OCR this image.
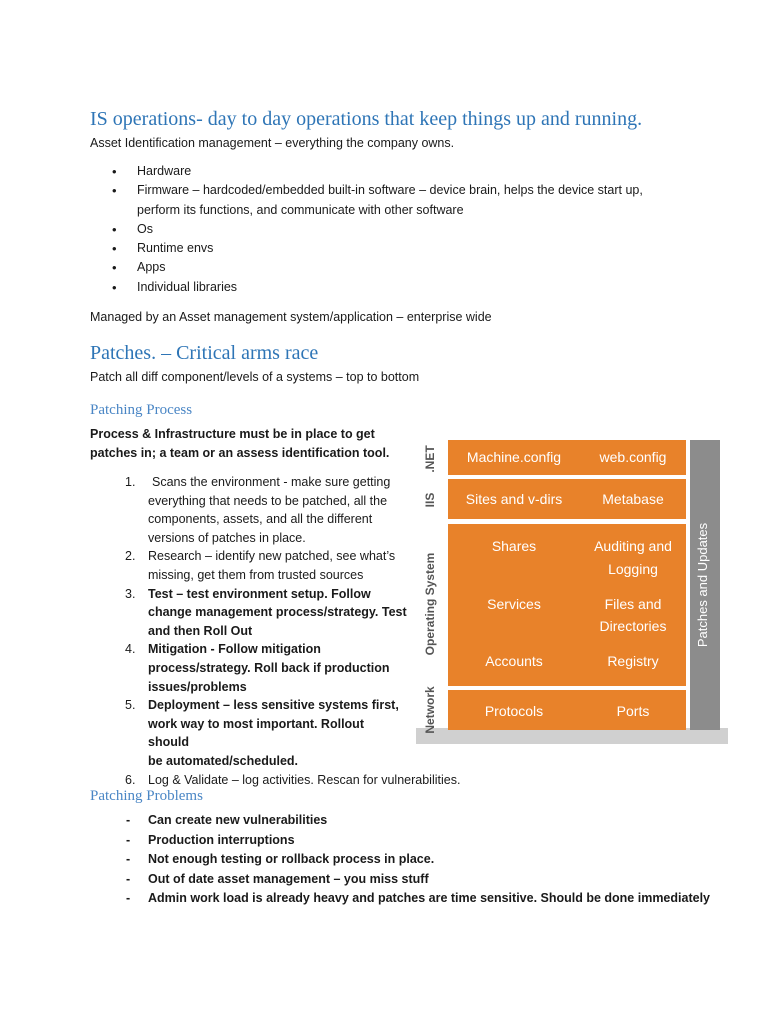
IS operations- day to day operations that keep things up and running.
Asset Identification management – everything the company owns.
• Hardware
• Firmware – hardcoded/embedded built-in software – device brain, helps the device start up,
perform its functions, and communicate with other software
• Os
• Runtime envs
• Apps
• Individual libraries
Managed by an Asset management system/application – enterprise wide
Patches. – Critical arms race
Patch all diff component/levels of a systems – top to bottom
Patching Process
Process & Infrastructure must be in place to get
patches in; a team or an assess identification tool.
1. Scans the environment - make sure getting
everything that needs to be patched, all the
components, assets, and all the different
versions of patches in place.
2. Research – identify new patched, see what’s
missing, get them from trusted sources
3. Test – test environment setup. Follow
change management process/strategy. Test
and then Roll Out
4. Mitigation - Follow mitigation
process/strategy. Roll back if production
issues/problems
5. Deployment – less sensitive systems first,
work way to most important. Rollout should
be automated/scheduled.
6. Log & Validate – log activities. Rescan for vulnerabilities.
Patching Problems
- Can create new vulnerabilities
- Production interruptions
- Not enough testing or rollback process in place.
- Out of date asset management – you miss stuff
- Admin work load is already heavy and patches are time sensitive. Should be done immediately
.NET
IIS
Operating System
Network
Patches and Updates
Machine.config	web.config
Sites and v-dirs	Metabase
Shares	Auditing and
Logging
Services	Files and
Directories
Accounts	Registry
Protocols	Ports
